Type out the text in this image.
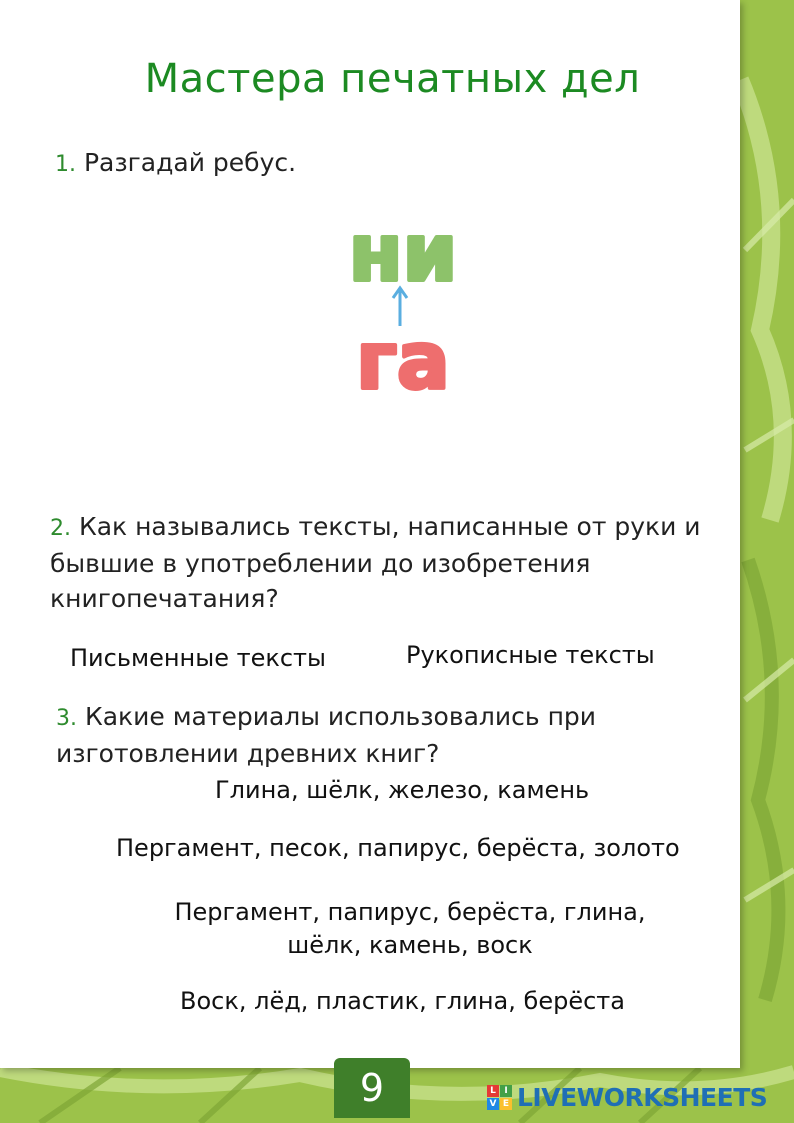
Мастера печатных дел
1. Разгадай ребус.
ни
га
2. Как назывались тексты, написанные от руки и бывшие в употреблении до изобретения книгопечатания?
Письменные тексты	Рукописные тексты
3. Какие материалы использовались при изготовлении древних книг?
Глина, шёлк, железо, камень
Пергамент, песок, папирус, берёста, золото
Пергамент, папирус, берёста, глина, шёлк, камень, воск
Воск, лёд, пластик, глина, берёста
9	L I
V E LIVEWORKSHEETS
